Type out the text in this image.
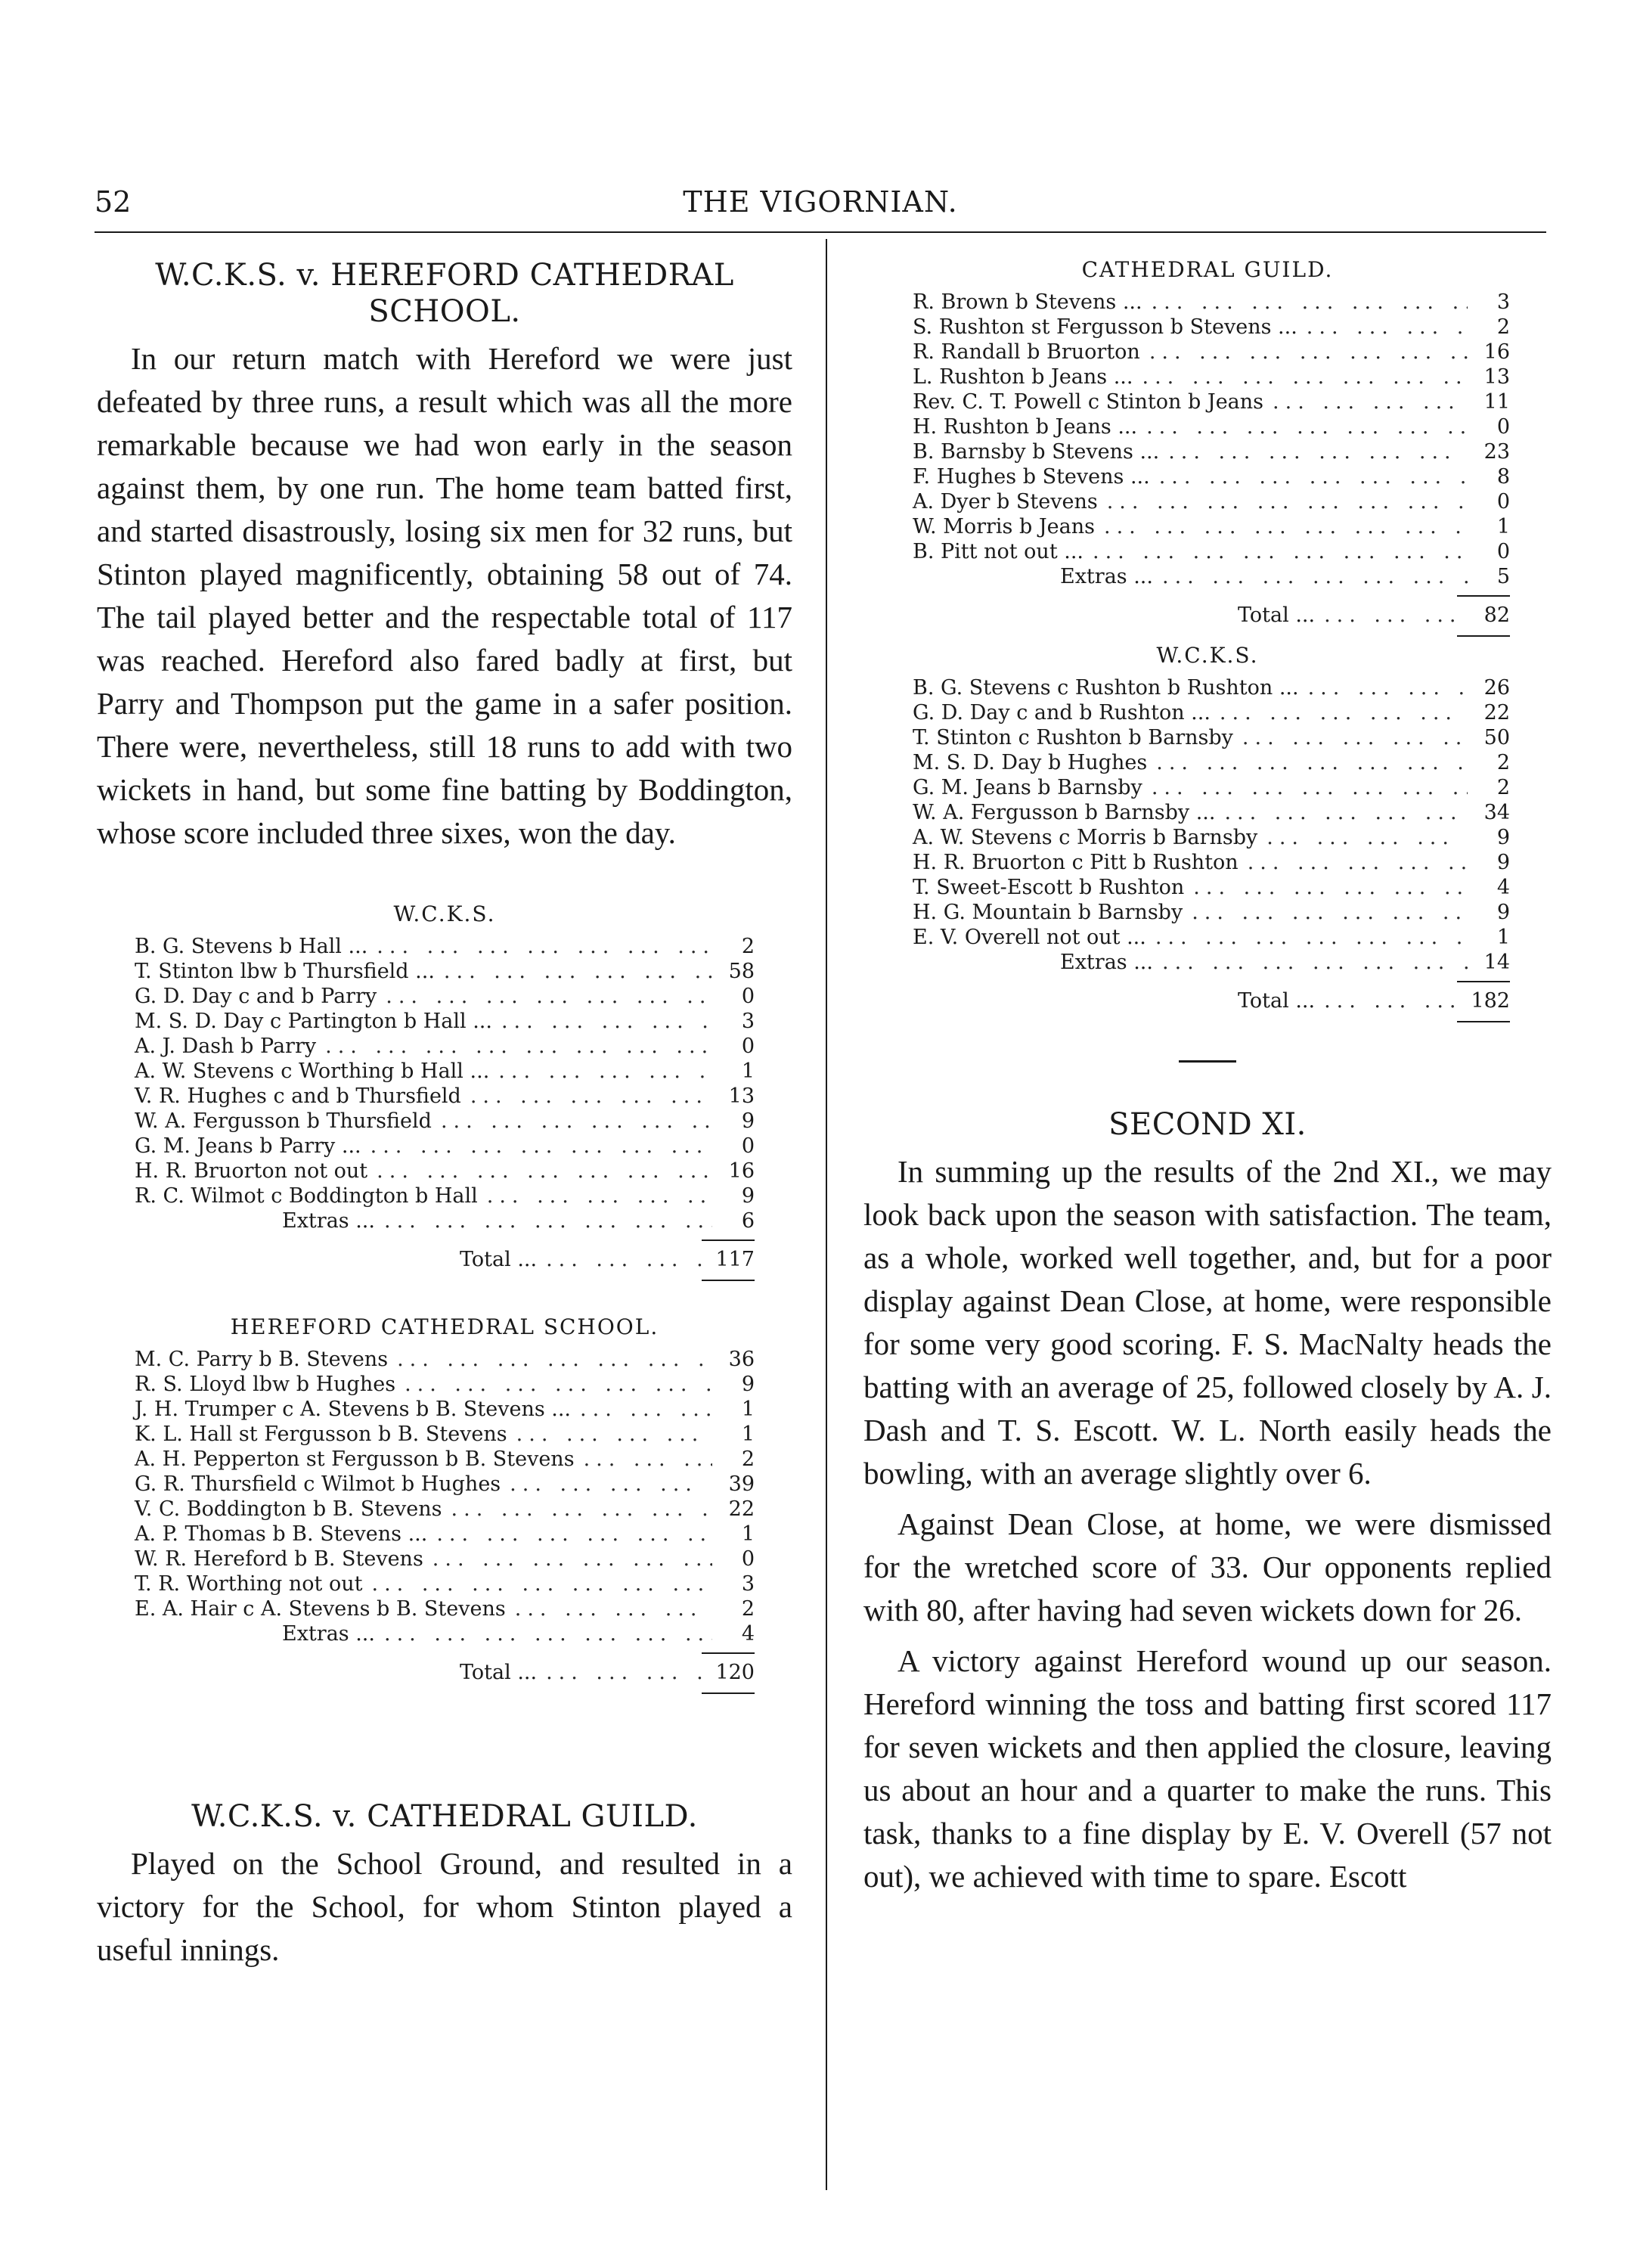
52	THE VIGORNIAN.
W.C.K.S. v. HEREFORD CATHEDRAL SCHOOL.

In our return match with Hereford we were just defeated by three runs, a result which was all the more remarkable because we had won early in the season against them, by one run. The home team batted first, and started disastrously, losing six men for 32 runs, but Stinton played magnificently, obtaining 58 out of 74. The tail played better and the respectable total of 117 was reached. Hereford also fared badly at first, but Parry and Thompson put the game in a safer position. There were, nevertheless, still 18 runs to add with two wickets in hand, but some fine batting by Boddington, whose score included three sixes, won the day.

W.C.K.S.
B. G. Stevens b Hall ... ... .	2
T. Stinton lbw b Thursfield ... ... .	58
G. D. Day c and b Parry ... .	0
M. S. D. Day c Partington b Hall ... ... .	3
A. J. Dash b Parry ... .	0
A. W. Stevens c Worthing b Hall ... ... .	1
V. R. Hughes c and b Thursfield ... .	13
W. A. Fergusson b Thursfield ... .	9
G. M. Jeans b Parry ... ... .	0
H. R. Bruorton not out ... .	16
R. C. Wilmot c Boddington b Hall ... .	9
Extras ... ... .	6
Total ... ... .	117
HEREFORD CATHEDRAL SCHOOL.
M. C. Parry b B. Stevens ... .	36
R. S. Lloyd lbw b Hughes ... .	9
J. H. Trumper c A. Stevens b B. Stevens ... ... .	1
K. L. Hall st Fergusson b B. Stevens ... .	1
A. H. Pepperton st Fergusson b B. Stevens ... .	2
G. R. Thursfield c Wilmot b Hughes ... .	39
V. C. Boddington b B. Stevens ... .	22
A. P. Thomas b B. Stevens ... ... .	1
W. R. Hereford b B. Stevens ... .	0
T. R. Worthing not out ... .	3
E. A. Hair c A. Stevens b B. Stevens ... .	2
Extras ... ... .	4
Total ... ... .	120
W.C.K.S. v. CATHEDRAL GUILD.

Played on the School Ground, and resulted in a victory for the School, for whom Stinton played a useful innings.

CATHEDRAL GUILD.
R. Brown b Stevens ... ... .	3
S. Rushton st Fergusson b Stevens ... ... .	2
R. Randall b Bruorton ... .	16
L. Rushton b Jeans ... ... .	13
Rev. C. T. Powell c Stinton b Jeans ... .	11
H. Rushton b Jeans ... ... .	0
B. Barnsby b Stevens ... ... .	23
F. Hughes b Stevens ... ... .	8
A. Dyer b Stevens ... .	0
W. Morris b Jeans ... .	1
B. Pitt not out ... ... .	0
Extras ... ... .	5
Total ... ... .	82
W.C.K.S.
B. G. Stevens c Rushton b Rushton ... ... .	26
G. D. Day c and b Rushton ... ... .	22
T. Stinton c Rushton b Barnsby ... .	50
M. S. D. Day b Hughes ... .	2
G. M. Jeans b Barnsby ... .	2
W. A. Fergusson b Barnsby ... ... .	34
A. W. Stevens c Morris b Barnsby ... .	9
H. R. Bruorton c Pitt b Rushton ... .	9
T. Sweet-Escott b Rushton ... .	4
H. G. Mountain b Barnsby ... .	9
E. V. Overell not out ... ... .	1
Extras ... ... .	14
Total ... ... .	182
SECOND XI.

In summing up the results of the 2nd XI., we may look back upon the season with satisfaction. The team, as a whole, worked well together, and, but for a poor display against Dean Close, at home, were responsible for some very good scoring. F. S. MacNalty heads the batting with an average of 25, followed closely by A. J. Dash and T. S. Escott. W. L. North easily heads the bowling, with an average slightly over 6.

Against Dean Close, at home, we were dismissed for the wretched score of 33. Our opponents replied with 80, after having had seven wickets down for 26.

A victory against Hereford wound up our season. Hereford winning the toss and batting first scored 117 for seven wickets and then applied the closure, leaving us about an hour and a quarter to make the runs. This task, thanks to a fine display by E. V. Overell (57 not out), we achieved with time to spare. Escott
